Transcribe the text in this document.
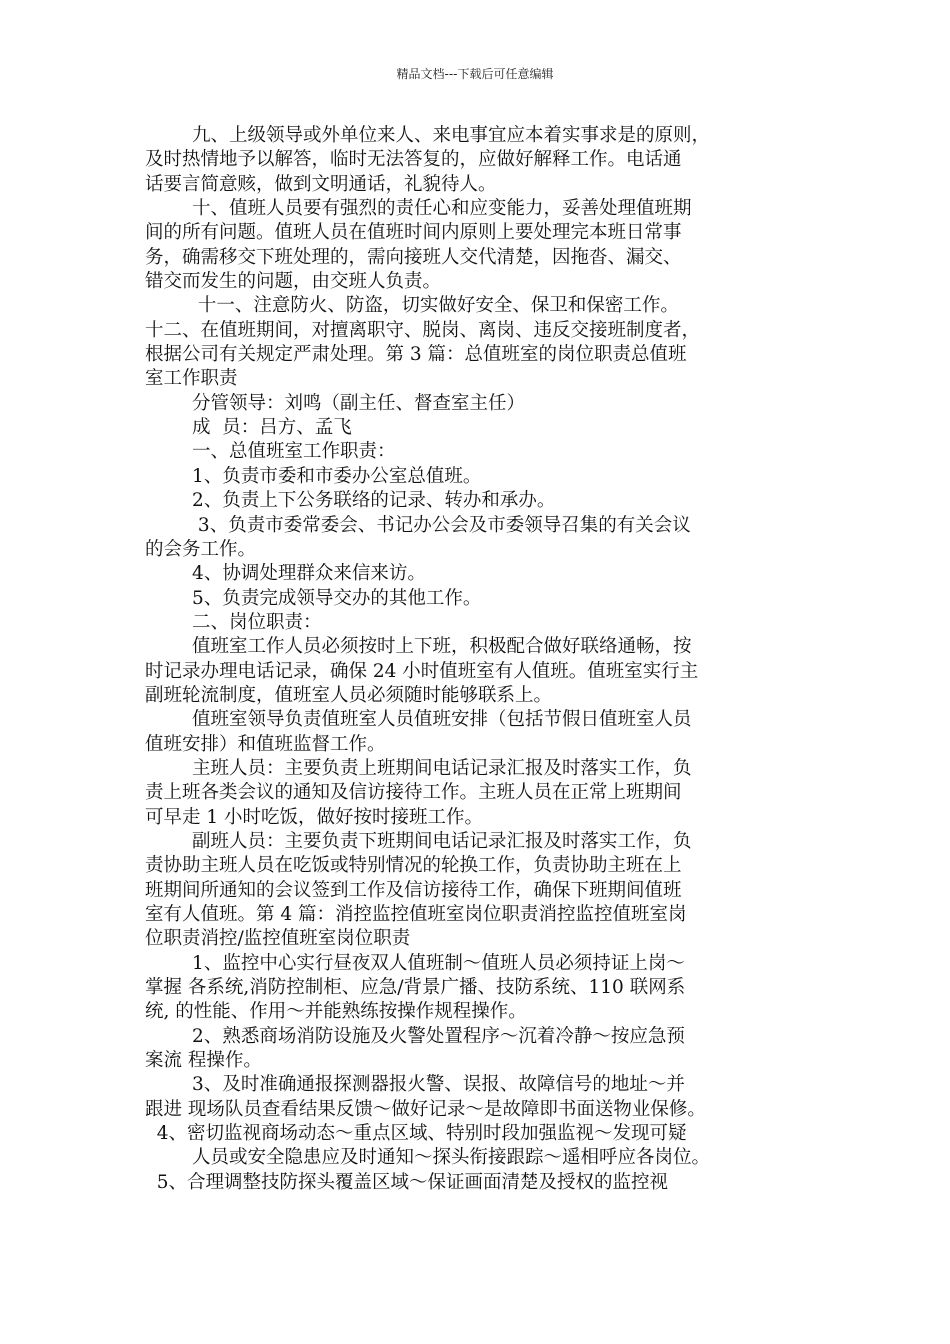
精品文档---下载后可任意编辑
九、上级领导或外单位来人、来电事宜应本着实事求是的原则，
及时热情地予以解答，临时无法答复的，应做好解释工作。电话通
话要言简意赅，做到文明通话，礼貌待人。
十、值班人员要有强烈的责任心和应变能力，妥善处理值班期
间的所有问题。值班人员在值班时间内原则上要处理完本班日常事
务，确需移交下班处理的，需向接班人交代清楚，因拖沓、漏交、
错交而发生的问题，由交班人负责。
十一、注意防火、防盗，切实做好安全、保卫和保密工作。
十二、在值班期间，对擅离职守、脱岗、离岗、违反交接班制度者，
根据公司有关规定严肃处理。第 3 篇：总值班室的岗位职责总值班
室工作职责
分管领导：刘鸣（副主任、督查室主任）
成  员：吕方、孟飞
一、总值班室工作职责：
1、负责市委和市委办公室总值班。
2、负责上下公务联络的记录、转办和承办。
3、负责市委常委会、书记办公会及市委领导召集的有关会议
的会务工作。
4、协调处理群众来信来访。
5、负责完成领导交办的其他工作。
二、岗位职责：
值班室工作人员必须按时上下班，积极配合做好联络通畅，按
时记录办理电话记录，确保 24 小时值班室有人值班。值班室实行主
副班轮流制度，值班室人员必须随时能够联系上。
值班室领导负责值班室人员值班安排（包括节假日值班室人员
值班安排）和值班监督工作。
主班人员：主要负责上班期间电话记录汇报及时落实工作，负
责上班各类会议的通知及信访接待工作。主班人员在正常上班期间
可早走 1 小时吃饭，做好按时接班工作。
副班人员：主要负责下班期间电话记录汇报及时落实工作，负
责协助主班人员在吃饭或特别情况的轮换工作，负责协助主班在上
班期间所通知的会议签到工作及信访接待工作，确保下班期间值班
室有人值班。第 4 篇：消控监控值班室岗位职责消控监控值班室岗
位职责消控/监控值班室岗位职责
1、监控中心实行昼夜双人值班制～值班人员必须持证上岗～
掌握 各系统,消防控制柜、应急/背景广播、技防系统、110 联网系
统, 的性能、作用～并能熟练按操作规程操作。
2、熟悉商场消防设施及火警处置程序～沉着冷静～按应急预
案流 程操作。
3、及时准确通报探测器报火警、误报、故障信号的地址～并
跟进 现场队员查看结果反馈～做好记录～是故障即书面送物业保修。
4、密切监视商场动态～重点区域、特别时段加强监视～发现可疑
人员或安全隐患应及时通知～探头衔接跟踪～遥相呼应各岗位。
5、合理调整技防探头覆盖区域～保证画面清楚及授权的监控视
